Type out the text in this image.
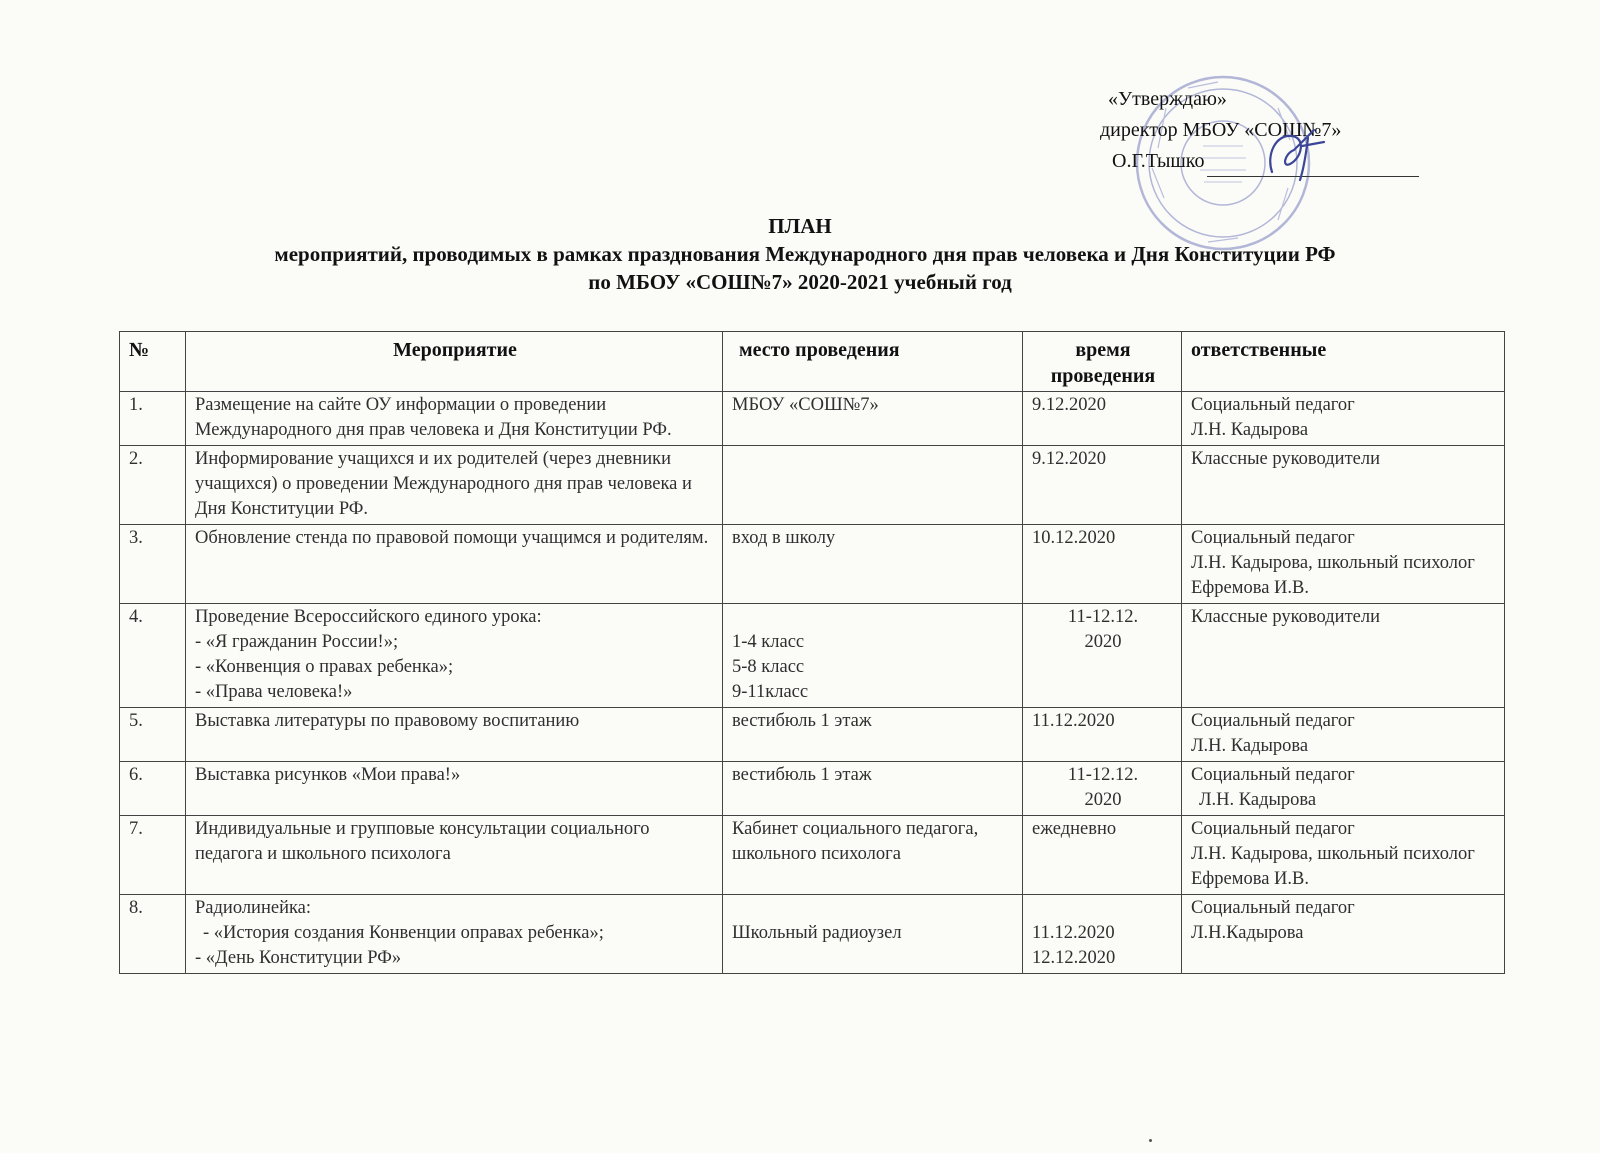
«Утверждаю»
директор МБОУ «СОШ№7»
О.Г.Тышко
ПЛАН
мероприятий, проводимых в рамках празднования Международного дня прав человека и Дня Конституции РФ
по МБОУ «СОШ№7» 2020-2021 учебный год
№	Мероприятие	место проведения	время проведения	ответственные
1.	Размещение на сайте ОУ информации о проведении Международного дня прав человека и Дня Конституции РФ.	МБОУ «СОШ№7»	9.12.2020	Социальный педагог
Л.Н. Кадырова

2.	Информирование учащихся и их родителей (через дневники учащихся) о проведении Международного дня прав человека и Дня Конституции РФ.		9.12.2020	Классные руководители

3.	Обновление стенда по правовой помощи учащимся и родителям.	вход в школу	10.12.2020	Социальный педагог
Л.Н. Кадырова, школьный психолог Ефремова И.В.

4.	Проведение Всероссийского единого урока:
- «Я гражданин России!»;
- «Конвенция о правах ребенка»;
- «Права человека!»	1-4 класс
5-8 класс
9-11класс	11-12.12.
2020	Классные руководители

5.	Выставка литературы по правовому воспитанию	вестибюль 1 этаж	11.12.2020	Социальный педагог
Л.Н. Кадырова

6.	Выставка рисунков «Мои права!»	вестибюль 1 этаж	11-12.12.
2020	Социальный педагог
Л.Н. Кадырова

7.	Индивидуальные и групповые консультации социального педагога и школьного психолога	Кабинет социального педагога, школьного психолога	ежедневно	Социальный педагог
Л.Н. Кадырова, школьный психолог Ефремова И.В.

8.	Радиолинейка:
- «История создания Конвенции оправах ребенка»;
- «День Конституции РФ»	Школьный радиоузел	11.12.2020
12.12.2020	Социальный педагог
Л.Н.Кадырова
